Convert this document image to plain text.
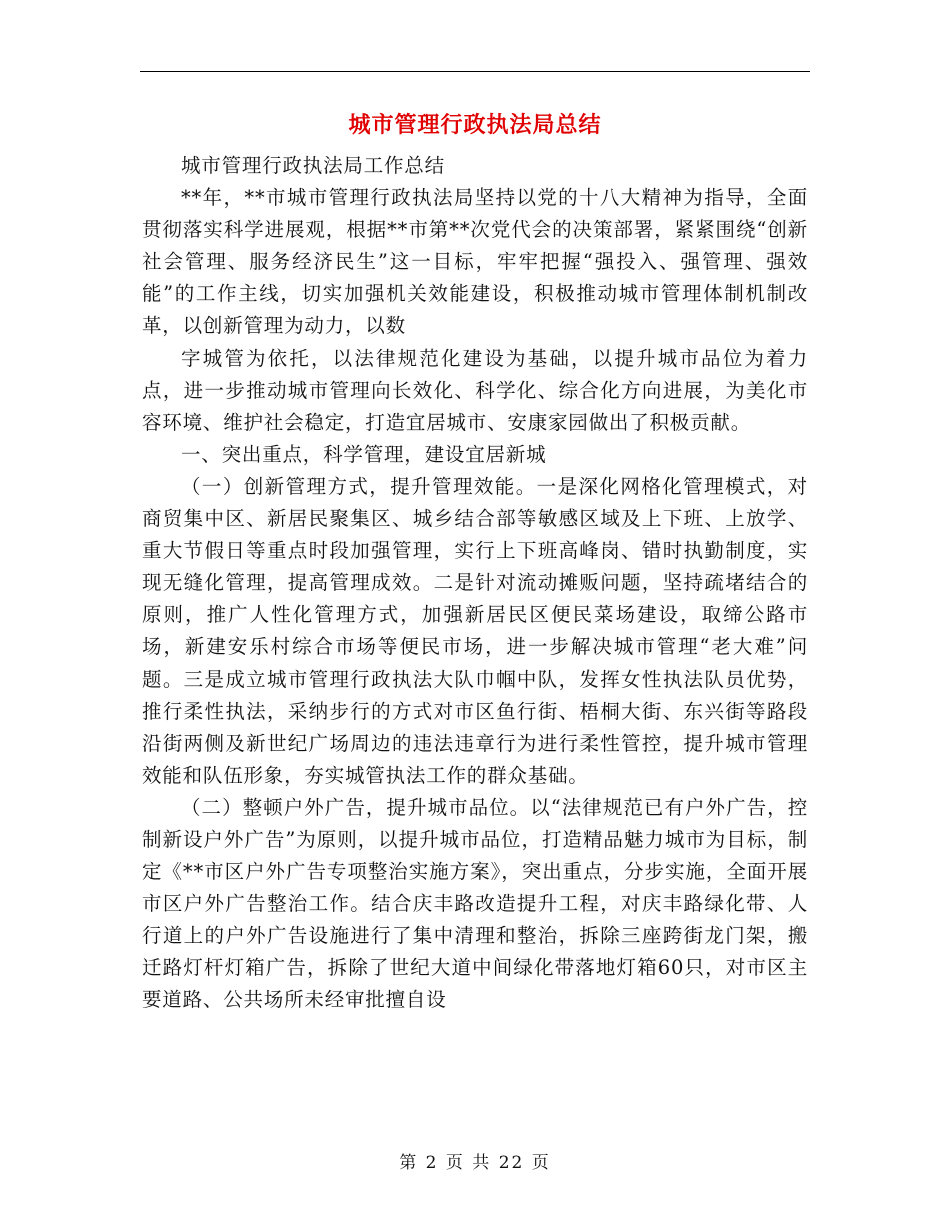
城市管理行政执法局总结

城市管理行政执法局工作总结

**年，**市城市管理行政执法局坚持以党的十八大精神为指导，全面贯彻落实科学进展观，根据**市第**次党代会的决策部署，紧紧围绕“创新社会管理、服务经济民生”这一目标，牢牢把握“强投入、强管理、强效能”的工作主线，切实加强机关效能建设，积极推动城市管理体制机制改革，以创新管理为动力，以数

字城管为依托，以法律规范化建设为基础，以提升城市品位为着力点，进一步推动城市管理向长效化、科学化、综合化方向进展，为美化市容环境、维护社会稳定，打造宜居城市、安康家园做出了积极贡献。

一、突出重点，科学管理，建设宜居新城

（一）创新管理方式，提升管理效能。一是深化网格化管理模式，对商贸集中区、新居民聚集区、城乡结合部等敏感区域及上下班、上放学、重大节假日等重点时段加强管理，实行上下班高峰岗、错时执勤制度，实现无缝化管理，提高管理成效。二是针对流动摊贩问题，坚持疏堵结合的原则，推广人性化管理方式，加强新居民区便民菜场建设，取缔公路市场，新建安乐村综合市场等便民市场，进一步解决城市管理“老大难”问题。三是成立城市管理行政执法大队巾帼中队，发挥女性执法队员优势，推行柔性执法，采纳步行的方式对市区鱼行街、梧桐大街、东兴街等路段沿街两侧及新世纪广场周边的违法违章行为进行柔性管控，提升城市管理效能和队伍形象，夯实城管执法工作的群众基础。

（二）整顿户外广告，提升城市品位。以“法律规范已有户外广告，控制新设户外广告”为原则，以提升城市品位，打造精品魅力城市为目标，制定《**市区户外广告专项整治实施方案》，突出重点，分步实施，全面开展市区户外广告整治工作。结合庆丰路改造提升工程，对庆丰路绿化带、人行道上的户外广告设施进行了集中清理和整治，拆除三座跨街龙门架，搬迁路灯杆灯箱广告，拆除了世纪大道中间绿化带落地灯箱60只，对市区主要道路、公共场所未经审批擅自设

第 2 页 共 22 页
